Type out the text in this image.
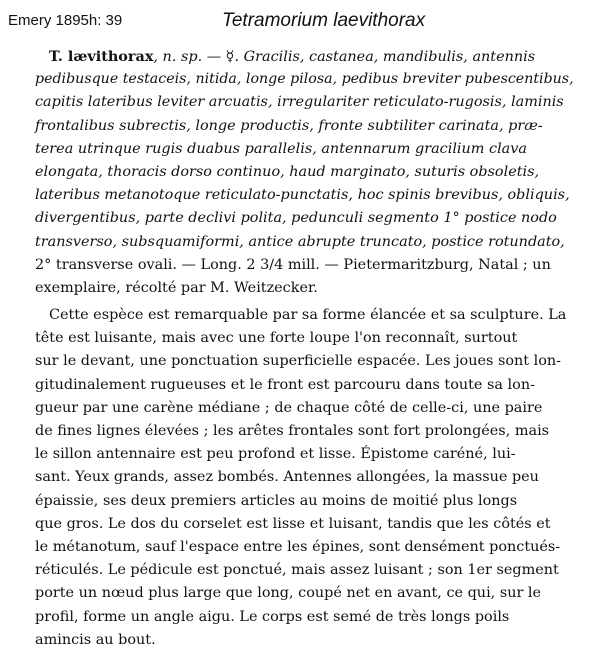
Emery 1895h: 39	Tetramorium laevithorax
T. lævithorax, n. sp. — ☿. Gracilis, castanea, mandibulis, antennis
pedibusque testaceis, nitida, longe pilosa, pedibus breviter pubescentibus,
capitis lateribus leviter arcuatis, irregulariter reticulato-rugosis, laminis
frontalibus subrectis, longe productis, fronte subtiliter carinata, præ-
terea utrinque rugis duabus parallelis, antennarum gracilium clava
elongata, thoracis dorso continuo, haud marginato, suturis obsoletis,
lateribus metanotoque reticulato-punctatis, hoc spinis brevibus, obliquis,
divergentibus, parte declivi polita, pedunculi segmento 1° postice nodo
transverso, subsquamiformi, antice abrupte truncato, postice rotundato,
2° transverse ovali. — Long. 2 3/4 mill. — Pietermaritzburg, Natal ; un
exemplaire, récolté par M. Weitzecker.
Cette espèce est remarquable par sa forme élancée et sa sculpture. La
tête est luisante, mais avec une forte loupe l'on reconnaît, surtout
sur le devant, une ponctuation superficielle espacée. Les joues sont lon-
gitudinalement rugueuses et le front est parcouru dans toute sa lon-
gueur par une carène médiane ; de chaque côté de celle-ci, une paire
de fines lignes élevées ; les arêtes frontales sont fort prolongées, mais
le sillon antennaire est peu profond et lisse. Épistome caréné, lui-
sant. Yeux grands, assez bombés. Antennes allongées, la massue peu
épaissie, ses deux premiers articles au moins de moitié plus longs
que gros. Le dos du corselet est lisse et luisant, tandis que les côtés et
le métanotum, sauf l'espace entre les épines, sont densément ponctués-
réticulés. Le pédicule est ponctué, mais assez luisant ; son 1er segment
porte un nœud plus large que long, coupé net en avant, ce qui, sur le
profil, forme un angle aigu. Le corps est semé de très longs poils
amincis au bout.
